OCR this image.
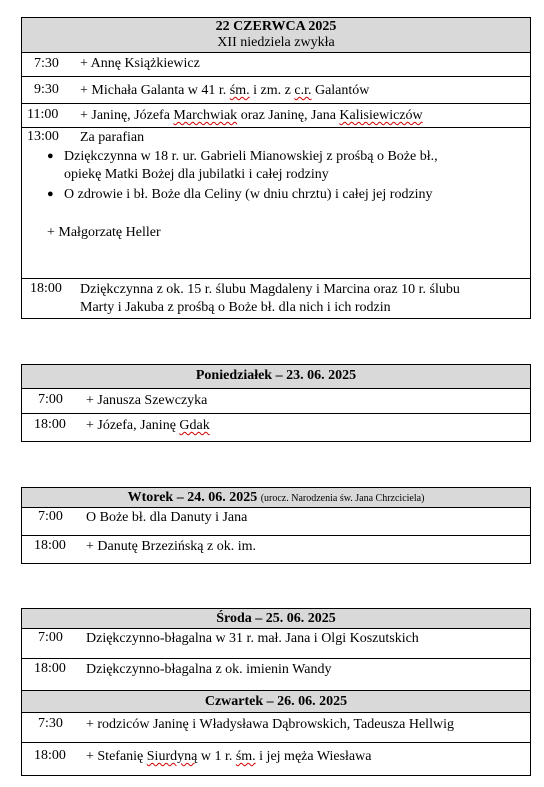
22 CZERWCA 2025
XII niedziela zwykła
7:30 + Annę Książkiewicz
9:30 + Michała Galanta w 41 r. śm. i zm. z c.r. Galantów
11:00 + Janinę, Józefa Marchwiak oraz Janinę, Jana Kalisiewiczów
13:00 Za parafian
● Dziękczynna w 18 r. ur. Gabrieli Mianowskiej z prośbą o Boże bł.,
opiekę Matki Bożej dla jubilatki i całej rodziny
● O zdrowie i bł. Boże dla Celiny (w dniu chrztu) i całej jej rodziny
+ Małgorzatę Heller
18:00 Dziękczynna z ok. 15 r. ślubu Magdaleny i Marcina oraz 10 r. ślubu
Marty i Jakuba z prośbą o Boże bł. dla nich i ich rodzin
Poniedziałek – 23. 06. 2025
7:00 + Janusza Szewczyka
18:00 + Józefa, Janinę Gdak
Wtorek – 24. 06. 2025 (urocz. Narodzenia św. Jana Chrzciciela)
7:00 O Boże bł. dla Danuty i Jana
18:00 + Danutę Brzezińską z ok. im.
Środa – 25. 06. 2025
7:00 Dziękczynno-błagalna w 31 r. mał. Jana i Olgi Koszutskich
18:00 Dziękczynno-błagalna z ok. imienin Wandy
Czwartek – 26. 06. 2025
7:30 + rodziców Janinę i Władysława Dąbrowskich, Tadeusza Hellwig
18:00 + Stefanię Siurdyną w 1 r. śm. i jej męża Wiesława
